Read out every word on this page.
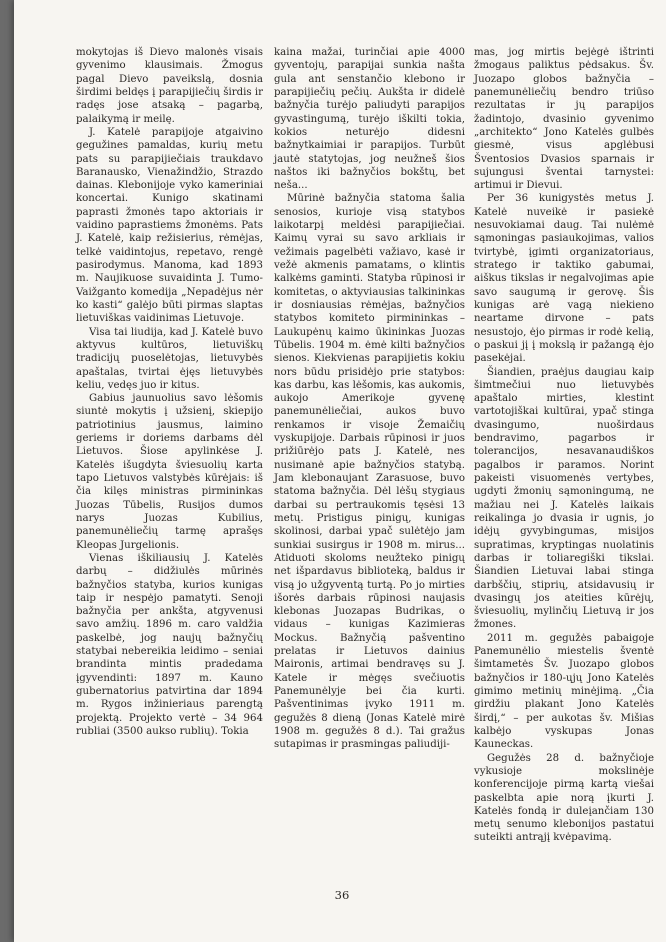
mokytojas iš Dievo malonės visais gyvenimo klausimais. Žmogus pagal Dievo paveikslą, dosnia širdimi beldęs į parapijiečių širdis ir radęs jose atsaką – pagarbą, palaikymą ir meilę.

J. Katelė parapijoje atgaivino gegužines pamaldas, kurių metu pats su parapijiečiais traukdavo Baranausko, Vienažindžio, Strazdo dainas. Klebonijoje vyko kameriniai koncertai. Kunigo skatinami paprasti žmonės tapo aktoriais ir vaidino paprastiems žmonėms. Pats J. Katelė, kaip režisierius, rėmėjas, telkė vaidintojus, repetavo, rengė pasirodymus. Manoma, kad 1893 m. Naujikuose suvaidinta J. Tumo-Vaižganto komedija „Nepadėjus nėr ko kasti“ galėjo būti pirmas slaptas lietuviškas vaidinimas Lietuvoje.

Visa tai liudija, kad J. Katelė buvo aktyvus kultūros, lietuviškų tradicijų puoselėtojas, lietuvybės apaštalas, tvirtai ėjęs lietuvybės keliu, vedęs juo ir kitus.

Gabius jaunuolius savo lėšomis siuntė mokytis į užsienį, skiepijo patriotinius jausmus, laimino geriems ir doriems darbams dėl Lietuvos. Šiose apylinkėse J. Katelės išugdyta šviesuolių karta tapo Lietuvos valstybės kūrėjais: iš čia kilęs ministras pirmininkas Juozas Tūbelis, Rusijos dumos narys Juozas Kubilius, panemunėliečių tarmę aprašęs Kleopas Jurgelionis.

Vienas iškiliausių J. Katelės darbų – didžiulės mūrinės bažnyčios statyba, kurios kunigas taip ir nespėjo pamatyti. Senoji bažnyčia per ankšta, atgyvenusi savo amžių. 1896 m. caro valdžia paskelbė, jog naujų bažnyčių statybai nebereikia leidimo – seniai brandinta mintis pradedama įgyvendinti: 1897 m. Kauno gubernatorius patvirtina dar 1894 m. Rygos inžinieriaus parengtą projektą. Projekto vertė – 34 964 rubliai (3500 aukso rublių). Tokia

kaina mažai, turinčiai apie 4000 gyventojų, parapijai sunkia našta gula ant senstančio klebono ir parapijiečių pečių. Aukšta ir didelė bažnyčia turėjo paliudyti parapijos gyvastingumą, turėjo iškilti tokia, kokios neturėjo didesni bažnytkaimiai ir parapijos. Turbūt jautė statytojas, jog neužneš šios naštos iki bažnyčios bokštų, bet neša...

Mūrinė bažnyčia statoma šalia senosios, kurioje visą statybos laikotarpį meldėsi parapijiečiai. Kaimų vyrai su savo arkliais ir vežimais pagelbėti važiavo, kasė ir vežė akmenis pamatams, o klintis kalkėms gaminti. Statyba rūpinosi ir komitetas, o aktyviausias talkininkas ir dosniausias rėmėjas, bažnyčios statybos komiteto pirmininkas – Laukupėnų kaimo ūkininkas Juozas Tūbelis. 1904 m. ėmė kilti bažnyčios sienos. Kiekvienas parapijietis kokiu nors būdu prisidėjo prie statybos: kas darbu, kas lėšomis, kas aukomis, aukojo Amerikoje gyvenę panemunėliečiai, aukos buvo renkamos ir visoje Žemaičių vyskupijoje. Darbais rūpinosi ir juos prižiūrėjo pats J. Katelė, nes nusimanė apie bažnyčios statybą. Jam klebonaujant Zarasuose, buvo statoma bažnyčia. Dėl lėšų stygiaus darbai su pertraukomis tęsėsi 13 metų. Pristigus pinigų, kunigas skolinosi, darbai ypač sulėtėjo jam sunkiai susirgus ir 1908 m. mirus... Atiduoti skoloms neužteko pinigų net išpardavus biblioteką, baldus ir visą jo užgyventą turtą. Po jo mirties išorės darbais rūpinosi naujasis klebonas Juozapas Budrikas, o vidaus – kunigas Kazimieras Mockus. Bažnyčią pašventino prelatas ir Lietuvos dainius Maironis, artimai bendravęs su J. Katele ir mėgęs svečiuotis Panemunėlyje bei čia kurti. Pašventinimas įvyko 1911 m. gegužės 8 dieną (Jonas Katelė mirė 1908 m. gegužės 8 d.). Tai gražus sutapimas ir prasmingas paliudiji-

mas, jog mirtis bejėgė ištrinti žmogaus paliktus pėdsakus. Šv. Juozapo globos bažnyčia – panemunėliečių bendro triūso rezultatas ir jų parapijos žadintojo, dvasinio gyvenimo „architekto“ Jono Katelės gulbės giesmė, visus apglėbusi Šventosios Dvasios sparnais ir sujungusi šventai tarnystei: artimui ir Dievui.

Per 36 kunigystės metus J. Katelė nuveikė ir pasiekė nesuvokiamai daug. Tai nulėmė sąmoningas pasiaukojimas, valios tvirtybė, įgimti organizatoriaus, stratego ir taktiko gabumai, aiškus tikslas ir negalvojimas apie savo saugumą ir gerovę. Šis kunigas arė vagą niekieno neartame dirvone – pats nesustojo, ėjo pirmas ir rodė kelią, o paskui jį į mokslą ir pažangą ėjo pasekėjai.

Šiandien, praėjus daugiau kaip šimtmečiui nuo lietuvybės apaštalo mirties, klestint vartotojiškai kultūrai, ypač stinga dvasingumo, nuoširdaus bendravimo, pagarbos ir tolerancijos, nesavanaudiškos pagalbos ir paramos. Norint pakeisti visuomenės vertybes, ugdyti žmonių sąmoningumą, ne mažiau nei J. Katelės laikais reikalinga jo dvasia ir ugnis, jo idėjų gyvybingumas, misijos supratimas, kryptingas nuolatinis darbas ir toliaregiški tikslai. Šiandien Lietuvai labai stinga darbščių, stiprių, atsidavusių ir dvasingų jos ateities kūrėjų, šviesuolių, mylinčių Lietuvą ir jos žmones.

2011 m. gegužės pabaigoje Panemunėlio miestelis šventė šimtametės Šv. Juozapo globos bažnyčios ir 180-ųjų Jono Katelės gimimo metinių minėjimą. „Čia girdžiu plakant Jono Katelės širdį,“ – per aukotas šv. Mišias kalbėjo vyskupas Jonas Kauneckas.

Gegužės 28 d. bažnyčioje vykusioje mokslinėje konferencijoje pirmą kartą viešai paskelbta apie norą įkurti J. Katelės fondą ir duleįančiam 130 metų senumo klebonijos pastatui suteikti antrąjį kvėpavimą.

36
